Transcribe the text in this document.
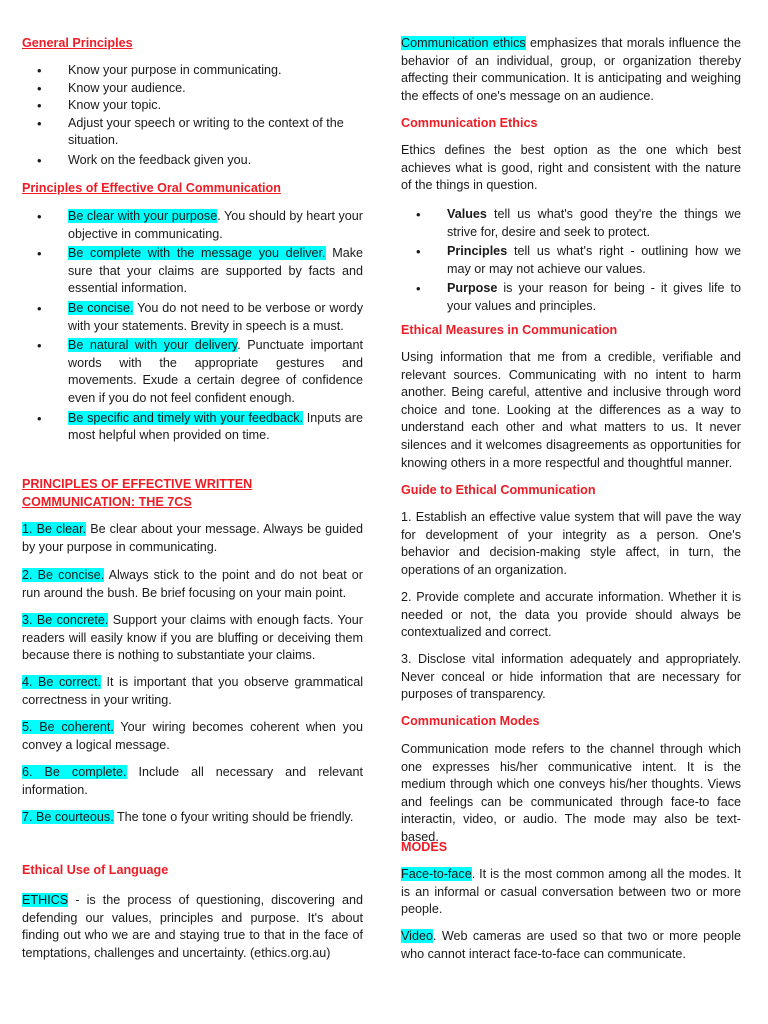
General Principles

• Know your purpose in communicating.
• Know your audience.
• Know your topic.
• Adjust your speech or writing to the context of the situation.
• Work on the feedback given you.

Principles of Effective Oral Communication

• Be clear with your purpose. You should by heart your objective in communicating.
• Be complete with the message you deliver. Make sure that your claims are supported by facts and essential information.
• Be concise. You do not need to be verbose or wordy with your statements. Brevity in speech is a must.
• Be natural with your delivery. Punctuate important words with the appropriate gestures and movements. Exude a certain degree of confidence even if you do not feel confident enough.
• Be specific and timely with your feedback. Inputs are most helpful when provided on time.

PRINCIPLES OF EFFECTIVE WRITTEN COMMUNICATION: THE 7CS

1. Be clear. Be clear about your message. Always be guided by your purpose in communicating.

2. Be concise. Always stick to the point and do not beat or run around the bush. Be brief focusing on your main point.

3. Be concrete. Support your claims with enough facts. Your readers will easily know if you are bluffing or deceiving them because there is nothing to substantiate your claims.

4. Be correct. It is important that you observe grammatical correctness in your writing.

5. Be coherent. Your wiring becomes coherent when you convey a logical message.

6. Be complete. Include all necessary and relevant information.

7. Be courteous. The tone o fyour writing should be friendly.

Ethical Use of Language

ETHICS - is the process of questioning, discovering and defending our values, principles and purpose. It's about finding out who we are and staying true to that in the face of temptations, challenges and uncertainty. (ethics.org.au)

Communication ethics emphasizes that morals influence the behavior of an individual, group, or organization thereby affecting their communication. It is anticipating and weighing the effects of one's message on an audience.

Communication Ethics

Ethics defines the best option as the one which best achieves what is good, right and consistent with the nature of the things in question.

• Values tell us what's good they're the things we strive for, desire and seek to protect.
• Principles tell us what's right - outlining how we may or may not achieve our values.
• Purpose is your reason for being - it gives life to your values and principles.

Ethical Measures in Communication

Using information that me from a credible, verifiable and relevant sources. Communicating with no intent to harm another. Being careful, attentive and inclusive through word choice and tone. Looking at the differences as a way to understand each other and what matters to us. It never silences and it welcomes disagreements as opportunities for knowing others in a more respectful and thoughtful manner.

Guide to Ethical Communication

1. Establish an effective value system that will pave the way for development of your integrity as a person. One's behavior and decision-making style affect, in turn, the operations of an organization.

2. Provide complete and accurate information. Whether it is needed or not, the data you provide should always be contextualized and correct.

3. Disclose vital information adequately and appropriately. Never conceal or hide information that are necessary for purposes of transparency.

Communication Modes

Communication mode refers to the channel through which one expresses his/her communicative intent. It is the medium through which one conveys his/her thoughts. Views and feelings can be communicated through face-to face interactin, video, or audio. The mode may also be text-based.

MODES

Face-to-face. It is the most common among all the modes. It is an informal or casual conversation between two or more people.

Video. Web cameras are used so that two or more people who cannot interact face-to-face can communicate.
